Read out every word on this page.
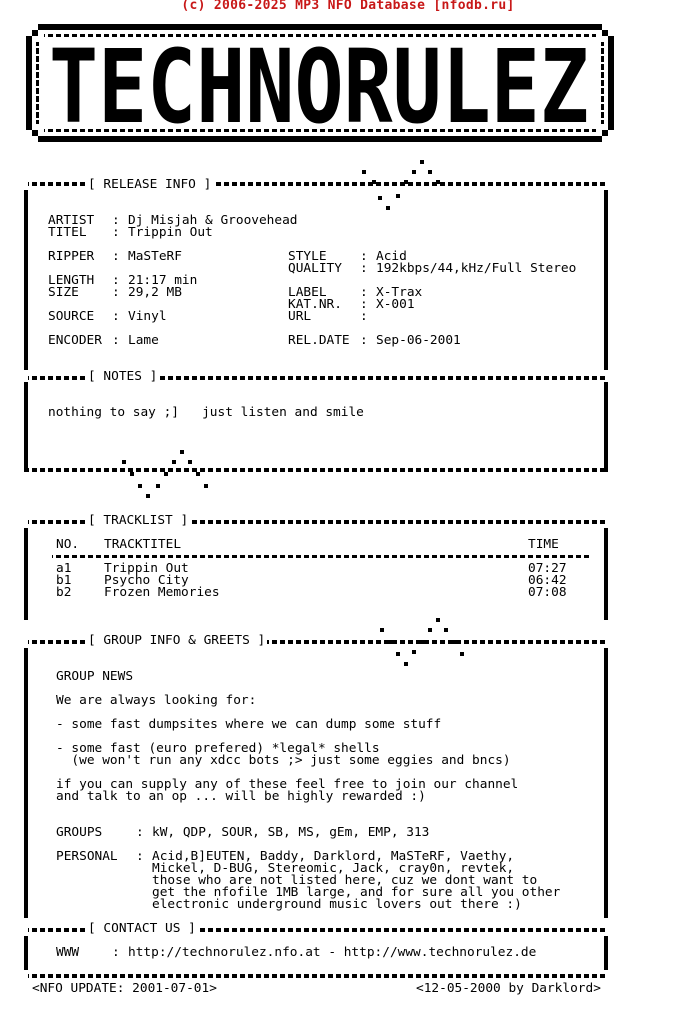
(c) 2006-2025 MP3 NFO Database [nfodb.ru]
TECHNORULEZ
[ RELEASE INFO ]
[ NOTES ]
[ TRACKLIST ]
[ GROUP INFO & GREETS ]
[ CONTACT US ]
ARTIST : Dj Misjah & Groovehead
TITEL : Trippin Out
RIPPER : MaSTeRF	STYLE	: Acid
QUALITY : 192kbps/44,kHz/Full Stereo
LENGTH : 21:17 min
SIZE	: 29,2 MB	LABEL	: X-Trax
KAT.NR. : X-001
SOURCE : Vinyl	URL	:
ENCODER : Lame	REL.DATE : Sep-06-2001
nothing to say ;]   just listen and smile
NO. TRACKTITEL	TIME
a1	Trippin Out	07:27
b1	Psycho City	06:42
b2	Frozen Memories	07:08
GROUP NEWS
We are always looking for:
- some fast dumpsites where we can dump some stuff
- some fast (euro prefered) *legal* shells
(we won't run any xdcc bots ;> just some eggies and bncs)
if you can supply any of these feel free to join our channel
and talk to an op ... will be highly rewarded :)
GROUPS	: kW, QDP, SOUR, SB, MS, gEm, EMP, 313
PERSONAL : Acid,B]EUTEN, Baddy, Darklord, MaSTeRF, Vaethy,
Mickel, D-BUG, Stereomic, Jack, cray0n, revtek,
those who are not listed here, cuz we dont want to
get the nfofile 1MB large, and for sure all you other
electronic underground music lovers out there :)
WWW	: http://technorulez.nfo.at - http://www.technorulez.de
<NFO UPDATE: 2001-07-01>	<12-05-2000 by Darklord>
